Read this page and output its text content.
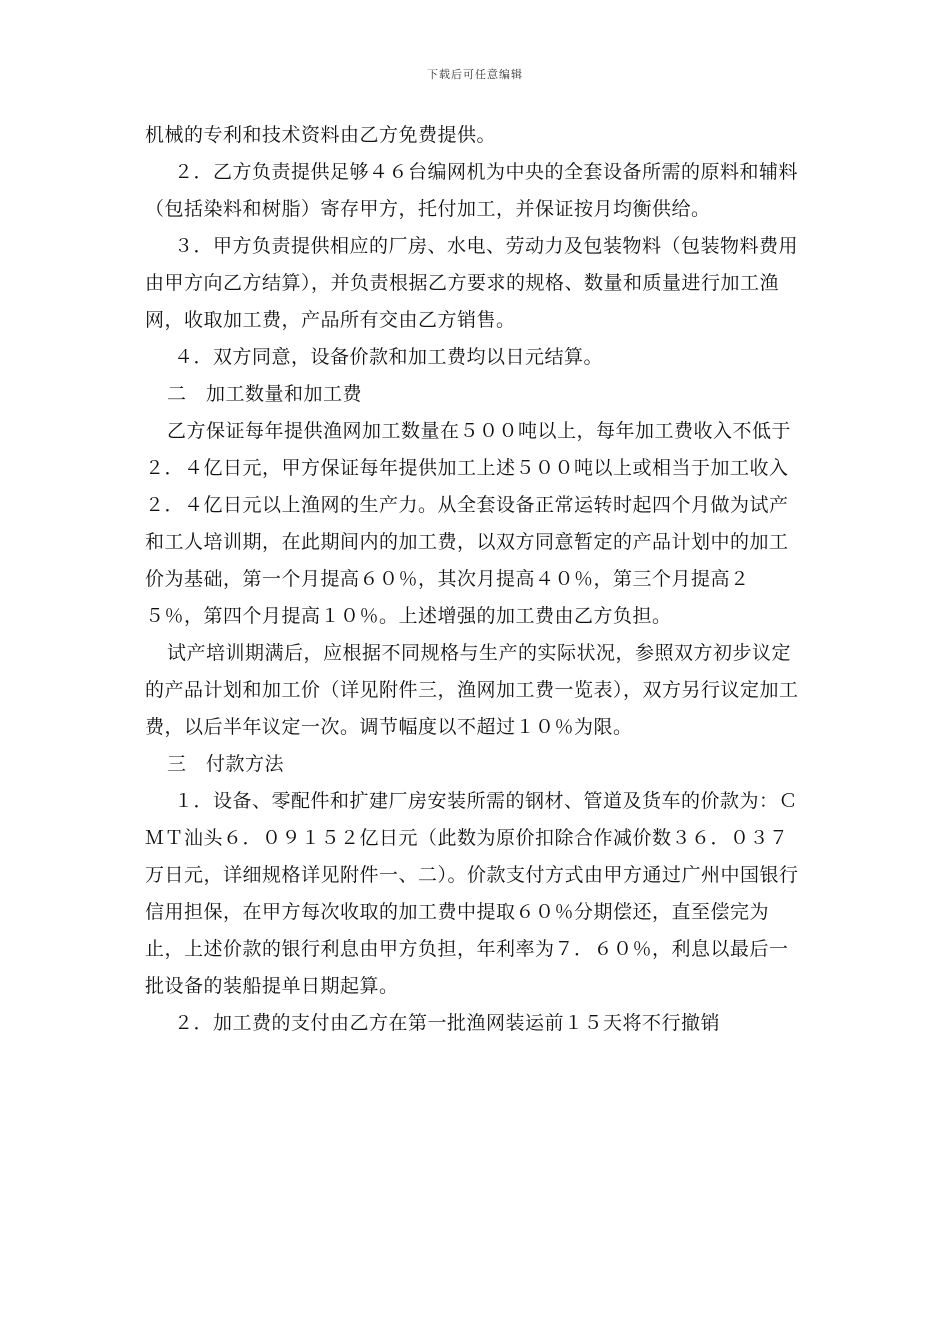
下载后可任意编辑

机械的专利和技术资料由乙方免费提供。

２．乙方负责提供足够４６台编网机为中央的全套设备所需的原料和辅料（包括染料和树脂）寄存甲方，托付加工，并保证按月均衡供给。

３．甲方负责提供相应的厂房、水电、劳动力及包装物料（包装物料费用由甲方向乙方结算），并负责根据乙方要求的规格、数量和质量进行加工渔网，收取加工费，产品所有交由乙方销售。

４．双方同意，设备价款和加工费均以日元结算。

二　加工数量和加工费

乙方保证每年提供渔网加工数量在５００吨以上，每年加工费收入不低于２．４亿日元，甲方保证每年提供加工上述５００吨以上或相当于加工收入２．４亿日元以上渔网的生产力。从全套设备正常运转时起四个月做为试产和工人培训期，在此期间内的加工费，以双方同意暂定的产品计划中的加工价为基础，第一个月提高６０％，其次月提高４０％，第三个月提高２５％，第四个月提高１０％。上述增强的加工费由乙方负担。

试产培训期满后，应根据不同规格与生产的实际状况，参照双方初步议定的产品计划和加工价（详见附件三，渔网加工费一览表），双方另行议定加工费，以后半年议定一次。调节幅度以不超过１０％为限。

三　付款方法

１．设备、零配件和扩建厂房安装所需的钢材、管道及货车的价款为：ＣＭＴ汕头６．０９１５２亿日元（此数为原价扣除合作减价数３６．０３７万日元，详细规格详见附件一、二）。价款支付方式由甲方通过广州中国银行信用担保，在甲方每次收取的加工费中提取６０％分期偿还，直至偿完为止，上述价款的银行利息由甲方负担，年利率为７．６０％，利息以最后一批设备的装船提单日期起算。

２．加工费的支付由乙方在第一批渔网装运前１５天将不行撤销
